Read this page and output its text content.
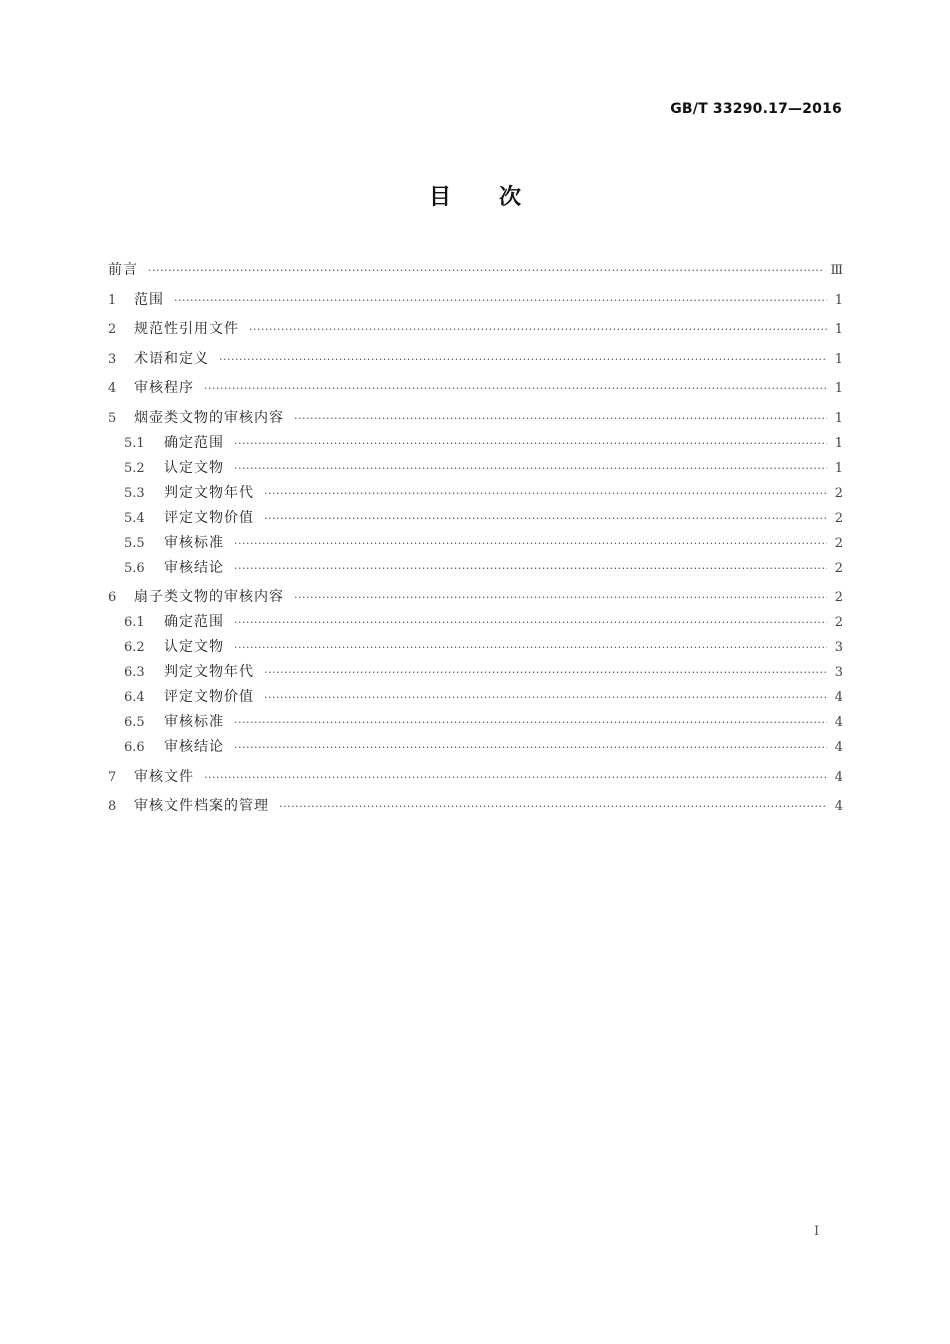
GB/T 33290.17—2016
目次
前言 ·····	Ⅲ
1	范围 ·····	1
2	规范性引用文件 ·····	1
3	术语和定义 ·····	1
4	审核程序 ·····	1
5	烟壶类文物的审核内容 ·····	1
5.1	确定范围 ·····	1
5.2	认定文物 ·····	1
5.3	判定文物年代 ·····	2
5.4	评定文物价值 ·····	2
5.5	审核标准 ·····	2
5.6	审核结论 ·····	2
6	扇子类文物的审核内容 ·····	2
6.1	确定范围 ·····	2
6.2	认定文物 ·····	3
6.3	判定文物年代 ·····	3
6.4	评定文物价值 ·····	4
6.5	审核标准 ·····	4
6.6	审核结论 ·····	4
7	审核文件 ·····	4
8	审核文件档案的管理 ·····	4
I
